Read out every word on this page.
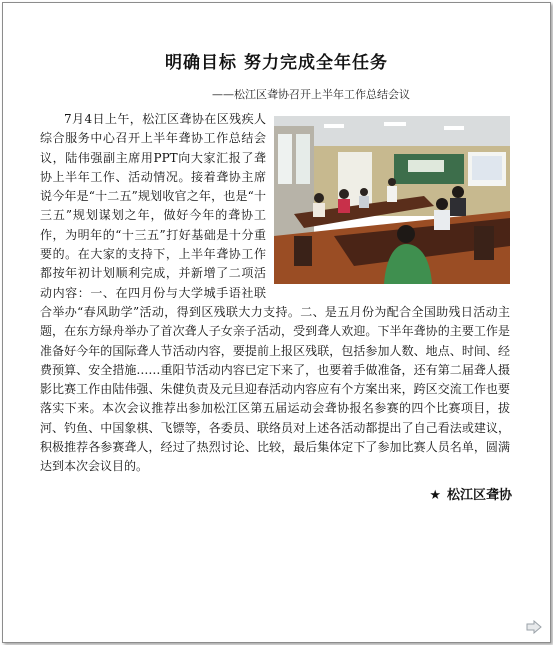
明确目标 努力完成全年任务
——松江区聋协召开上半年工作总结会议

7月4日上午，松江区聋协在区残疾人综合服务中心召开上半年聋协工作总结会议，陆伟强副主席用PPT向大家汇报了聋协上半年工作、活动情况。接着聋协主席说今年是“十二五”规划收官之年，也是“十三五”规划谋划之年，做好今年的聋协工作，为明年的“十三五”打好基础是十分重要的。在大家的支持下，上半年聋协工作都按年初计划顺利完成，并新增了二项活动内容：一、在四月份与大学城手语社联合举办“春风助学”活动，得到区残联大力支持。二、是五月份为配合全国助残日活动主题，在东方绿舟举办了首次聋人子女亲子活动，受到聋人欢迎。下半年聋协的主要工作是准备好今年的国际聋人节活动内容，要提前上报区残联，包括参加人数、地点、时间、经费预算、安全措施……重阳节活动内容已定下来了，也要着手做准备，还有第二届聋人摄影比赛工作由陆伟强、朱健负责及元旦迎春活动内容应有个方案出来，跨区交流工作也要落实下来。本次会议推荐出参加松江区第五届运动会聋协报名参赛的四个比赛项目，拔河、钓鱼、中国象棋、飞镖等，各委员、联络员对上述各活动都提出了自己看法或建议，积极推荐各参赛聋人，经过了热烈讨论、比较，最后集体定下了参加比赛人员名单，圆满达到本次会议目的。

★ 松江区聋协
